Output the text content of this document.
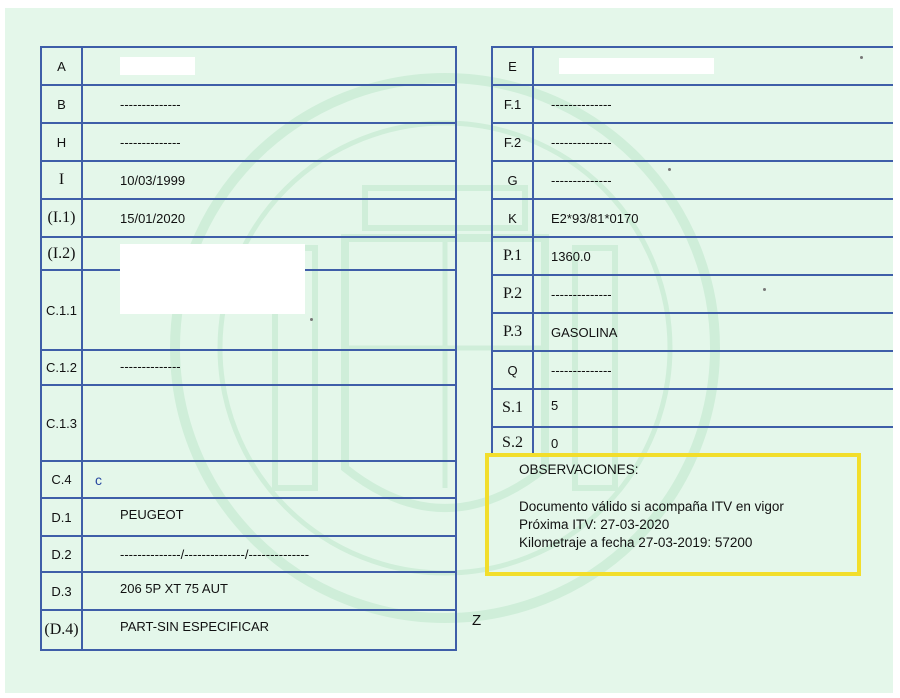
A	

B	--------------
H	--------------
I	10/03/1999
(I.1)	15/01/2020
(I.2)	

C.1.1	
C.1.2	--------------
C.1.3	
C.4	c
D.1	PEUGEOT
D.2	--------------/--------------/--------------
D.3	206 5P XT 75 AUT
(D.4)	PART-SIN ESPECIFICAR
E	

F.1	--------------
F.2	--------------
G	--------------
K	E2*93/81*0170
P.1	1360.0
P.2	--------------
P.3	GASOLINA
Q	--------------
S.1	5
S.2	0
OBSERVACIONES:
Documento válido si acompaña ITV en vigor
Próxima ITV: 27-03-2020
Kilometraje a fecha 27-03-2019: 57200
Z
